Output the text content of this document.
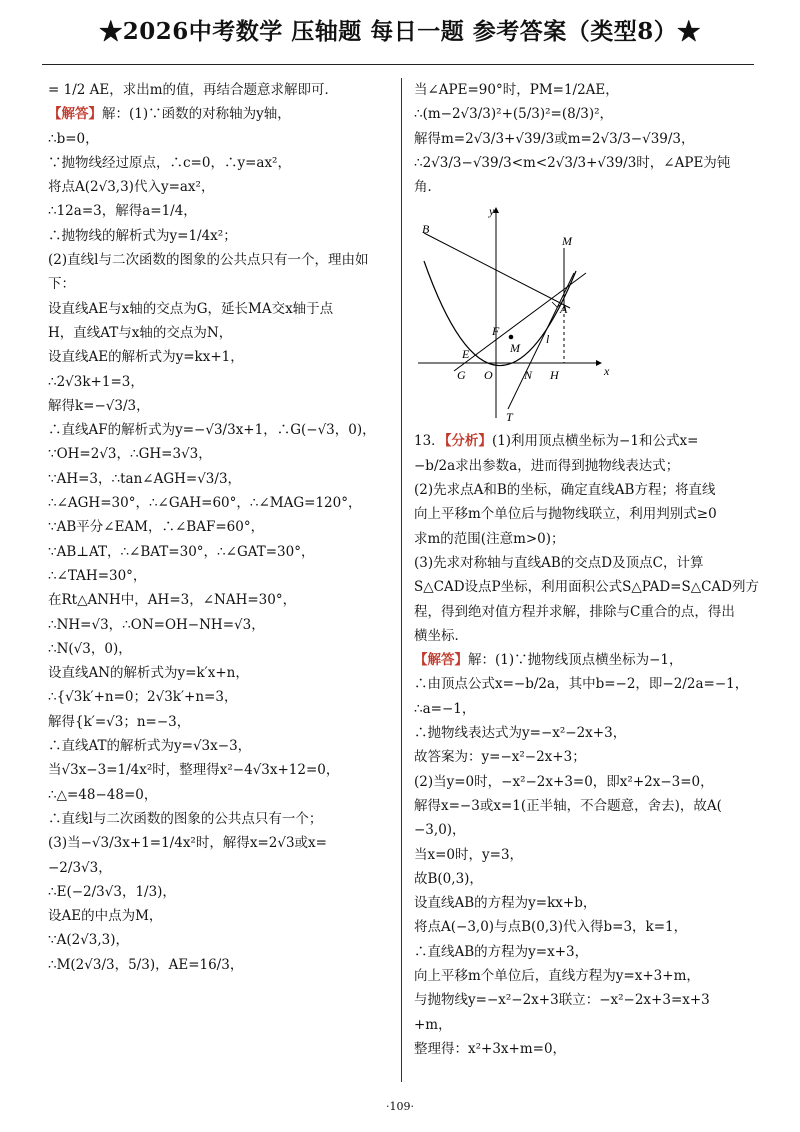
★2026中考数学 压轴题 每日一题 参考答案（类型8）★
= 1/2 AE，求出m的值，再结合题意求解即可．
【解答】解：(1)∵函数的对称轴为y轴，
∴b=0，
∵抛物线经过原点，∴c=0，∴y=ax²，
将点A(2√3,3)代入y=ax²，
∴12a=3，解得a=1/4，
∴抛物线的解析式为y=1/4x²；
(2)直线l与二次函数的图象的公共点只有一个，理由如
下：
设直线AE与x轴的交点为G，延长MA交x轴于点
H，直线AT与x轴的交点为N，
设直线AE的解析式为y=kx+1，
∴2√3k+1=3，
解得k=−√3/3，
∴直线AF的解析式为y=−√3/3x+1，∴G(−√3，0)，
∵OH=2√3，∴GH=3√3，
∵AH=3，∴tan∠AGH=√3/3，
∴∠AGH=30°，∴∠GAH=60°，∴∠MAG=120°，
∵AB平分∠EAM，∴∠BAF=60°，
∵AB⊥AT，∴∠BAT=30°，∴∠GAT=30°，
∴∠TAH=30°，
在Rt△ANH中，AH=3，∠NAH=30°，
∴NH=√3，∴ON=OH−NH=√3，
∴N(√3，0)，
设直线AN的解析式为y=k′x+n，
∴{√3k′+n=0；2√3k′+n=3，
解得{k′=√3；n=−3，
∴直线AT的解析式为y=√3x−3，
当√3x−3=1/4x²时，整理得x²−4√3x+12=0，
∴△=48−48=0，
∴直线l与二次函数的图象的公共点只有一个；
(3)当−√3/3x+1=1/4x²时，解得x=2√3或x=
−2/3√3，
∴E(−2/3√3，1/3)，
设AE的中点为M，
∵A(2√3,3)，
∴M(2√3/3，5/3)，AE=16/3，
当∠APE=90°时，PM=1/2AE，
∴(m−2√3/3)²+(5/3)²=(8/3)²，
解得m=2√3/3+√39/3或m=2√3/3−√39/3，
∴2√3/3−√39/3<m<2√3/3+√39/3时，∠APE为钝
角．
y
x
B
M
A
F
M
E
l
G O	N H
T
13．【分析】(1)利用顶点横坐标为−1和公式x=
−b/2a求出参数a，进而得到抛物线表达式；
(2)先求点A和B的坐标，确定直线AB方程；将直线
向上平移m个单位后与抛物线联立，利用判别式≥0
求m的范围(注意m>0)；
(3)先求对称轴与直线AB的交点D及顶点C，计算
S△CAD设点P坐标，利用面积公式S△PAD=S△CAD列方
程，得到绝对值方程并求解，排除与C重合的点，得出
横坐标．
【解答】解：(1)∵抛物线顶点横坐标为−1，
∴由顶点公式x=−b/2a，其中b=−2，即−2/2a=−1，
∴a=−1，
∴抛物线表达式为y=−x²−2x+3，
故答案为：y=−x²−2x+3；
(2)当y=0时，−x²−2x+3=0，即x²+2x−3=0，
解得x=−3或x=1(正半轴，不合题意，舍去)，故A(
−3,0)，
当x=0时，y=3，
故B(0,3)，
设直线AB的方程为y=kx+b，
将点A(−3,0)与点B(0,3)代入得b=3，k=1，
∴直线AB的方程为y=x+3，
向上平移m个单位后，直线方程为y=x+3+m，
与抛物线y=−x²−2x+3联立：−x²−2x+3=x+3
+m，
整理得：x²+3x+m=0，
·109·
